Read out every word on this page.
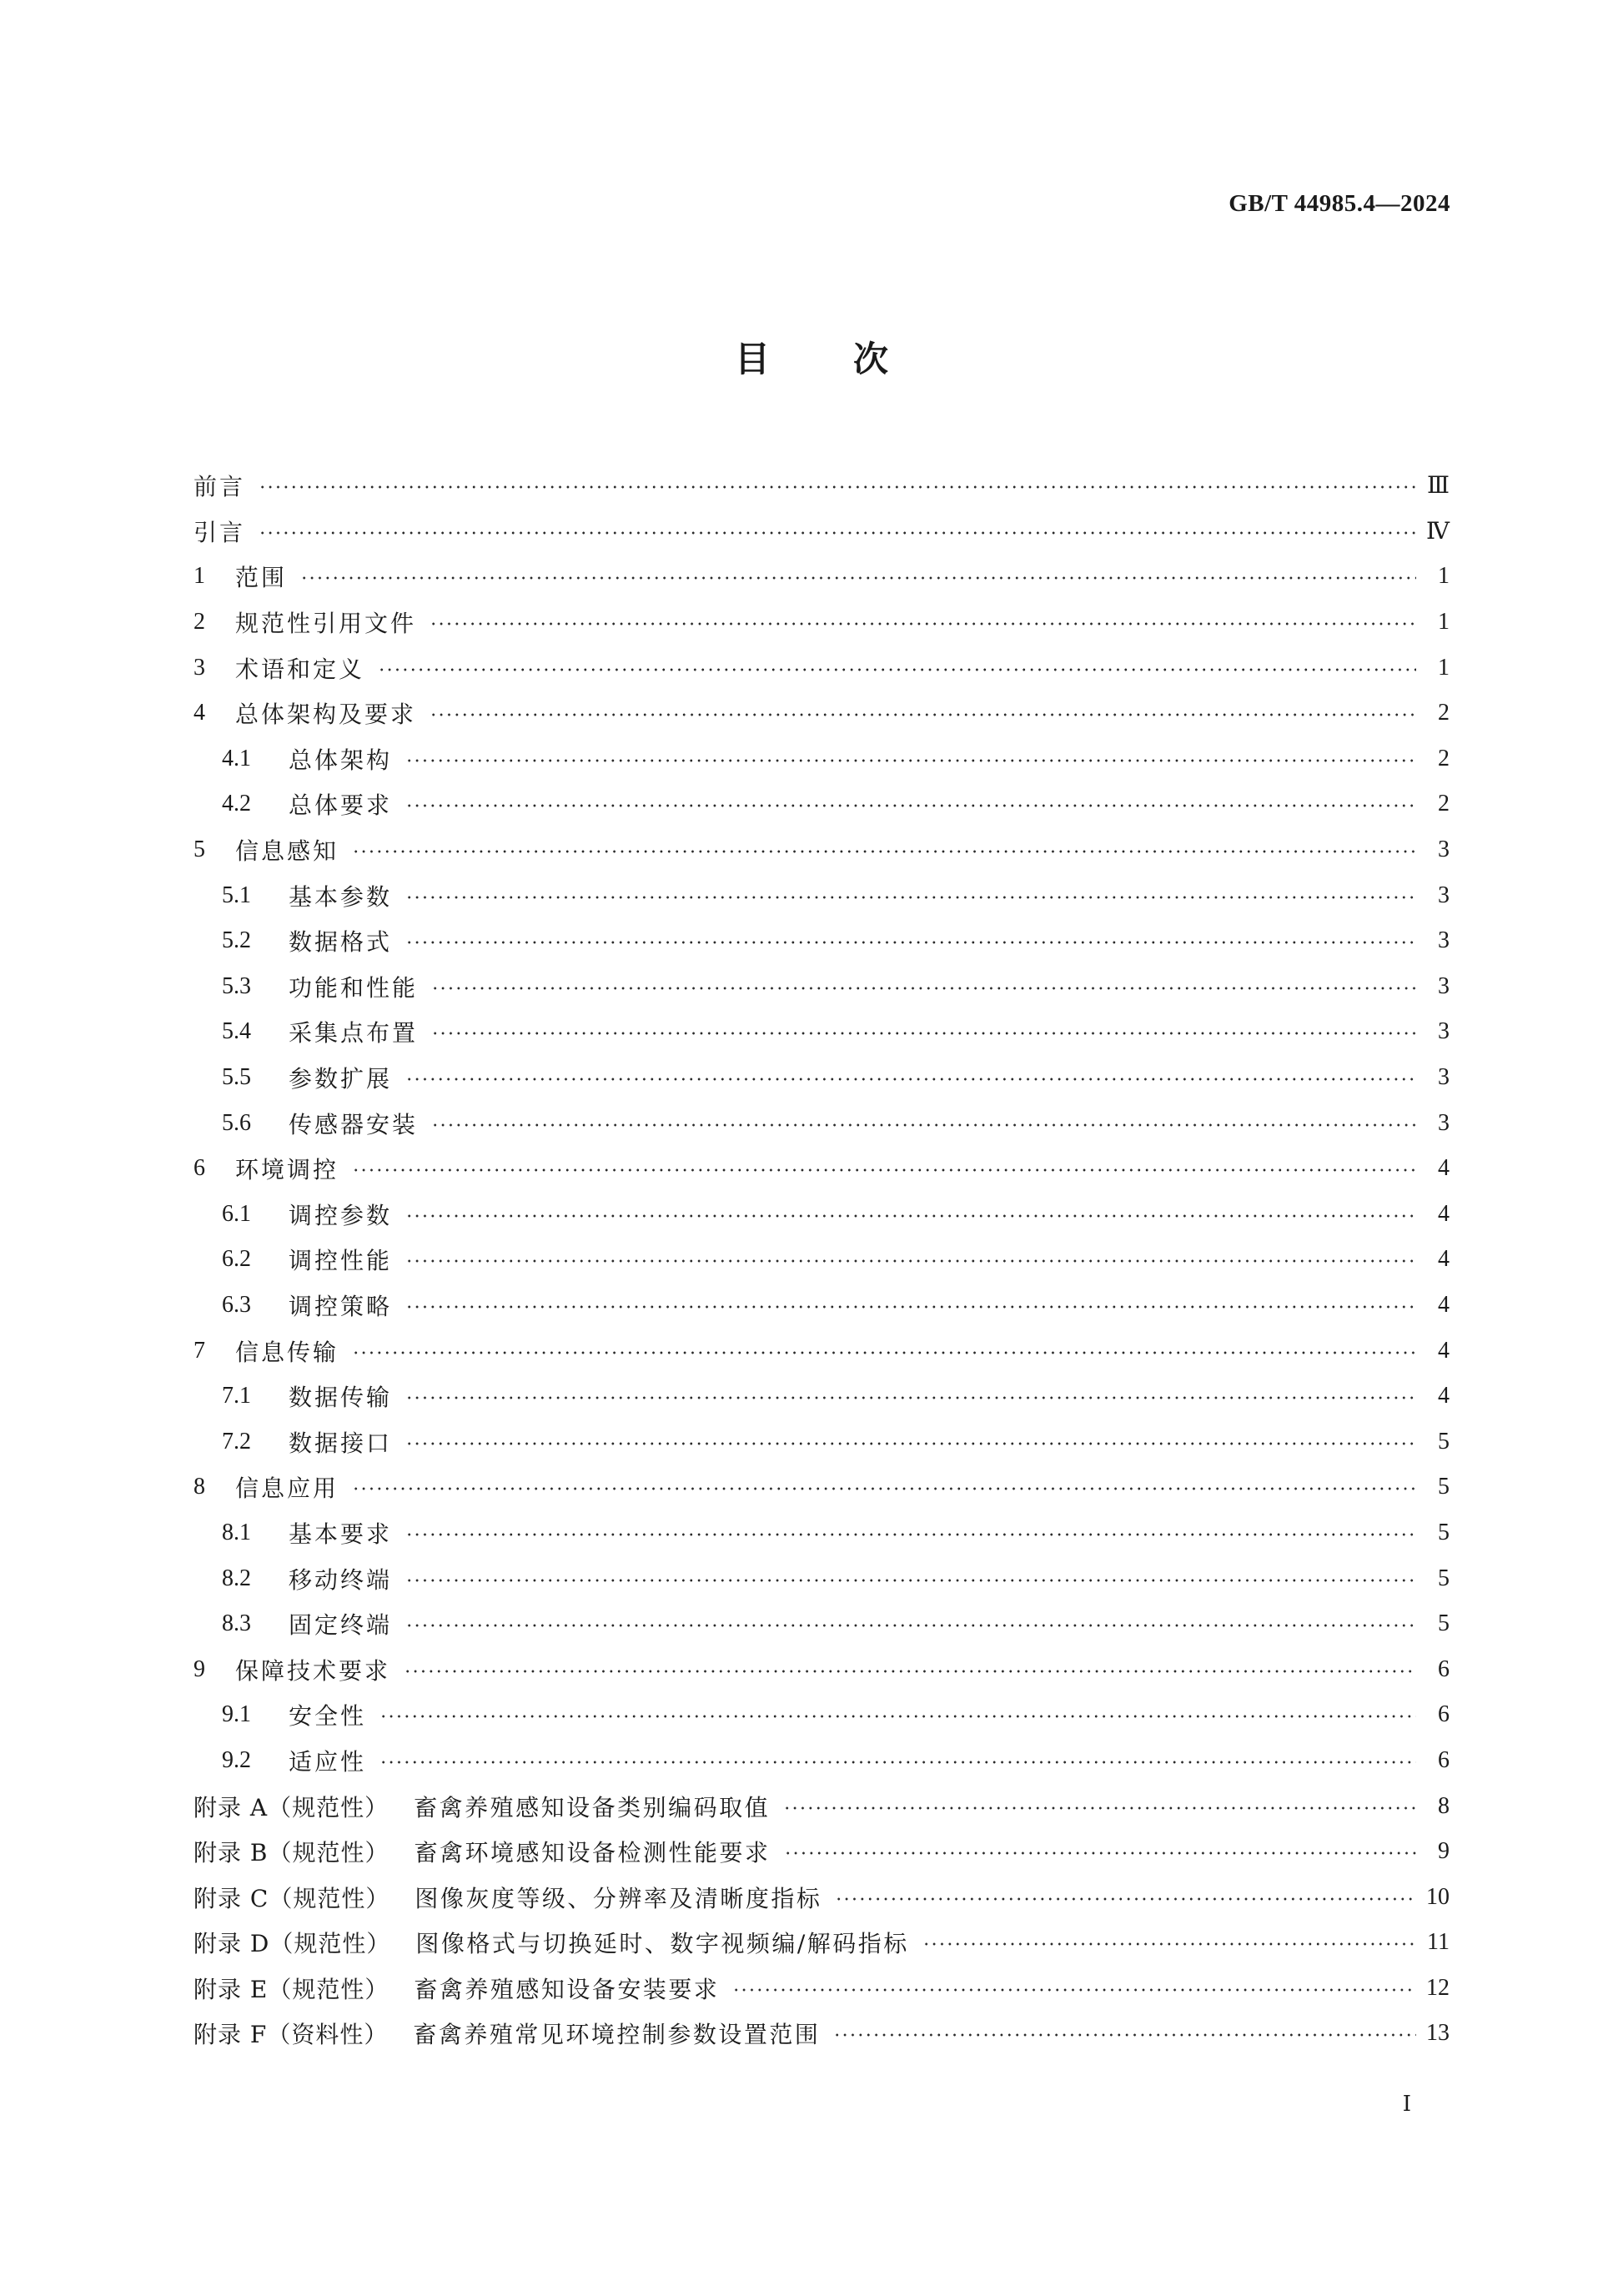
GB/T 44985.4—2024
目次
前言	Ⅲ
引言	Ⅳ
1	范围	1
2	规范性引用文件	1
3	术语和定义	1
4	总体架构及要求	2
4.1	总体架构	2
4.2	总体要求	2
5	信息感知	3
5.1	基本参数	3
5.2	数据格式	3
5.3	功能和性能	3
5.4	采集点布置	3
5.5	参数扩展	3
5.6	传感器安装	3
6	环境调控	4
6.1	调控参数	4
6.2	调控性能	4
6.3	调控策略	4
7	信息传输	4
7.1	数据传输	4
7.2	数据接口	5
8	信息应用	5
8.1	基本要求	5
8.2	移动终端	5
8.3	固定终端	5
9	保障技术要求	6
9.1	安全性	6
9.2	适应性	6
附录 A（规范性） 畜禽养殖感知设备类别编码取值	8
附录 B（规范性） 畜禽环境感知设备检测性能要求	9
附录 C（规范性） 图像灰度等级、分辨率及清晰度指标	10
附录 D（规范性） 图像格式与切换延时、数字视频编/解码指标	11
附录 E（规范性） 畜禽养殖感知设备安装要求	12
附录 F（资料性） 畜禽养殖常见环境控制参数设置范围	13
Ⅰ
